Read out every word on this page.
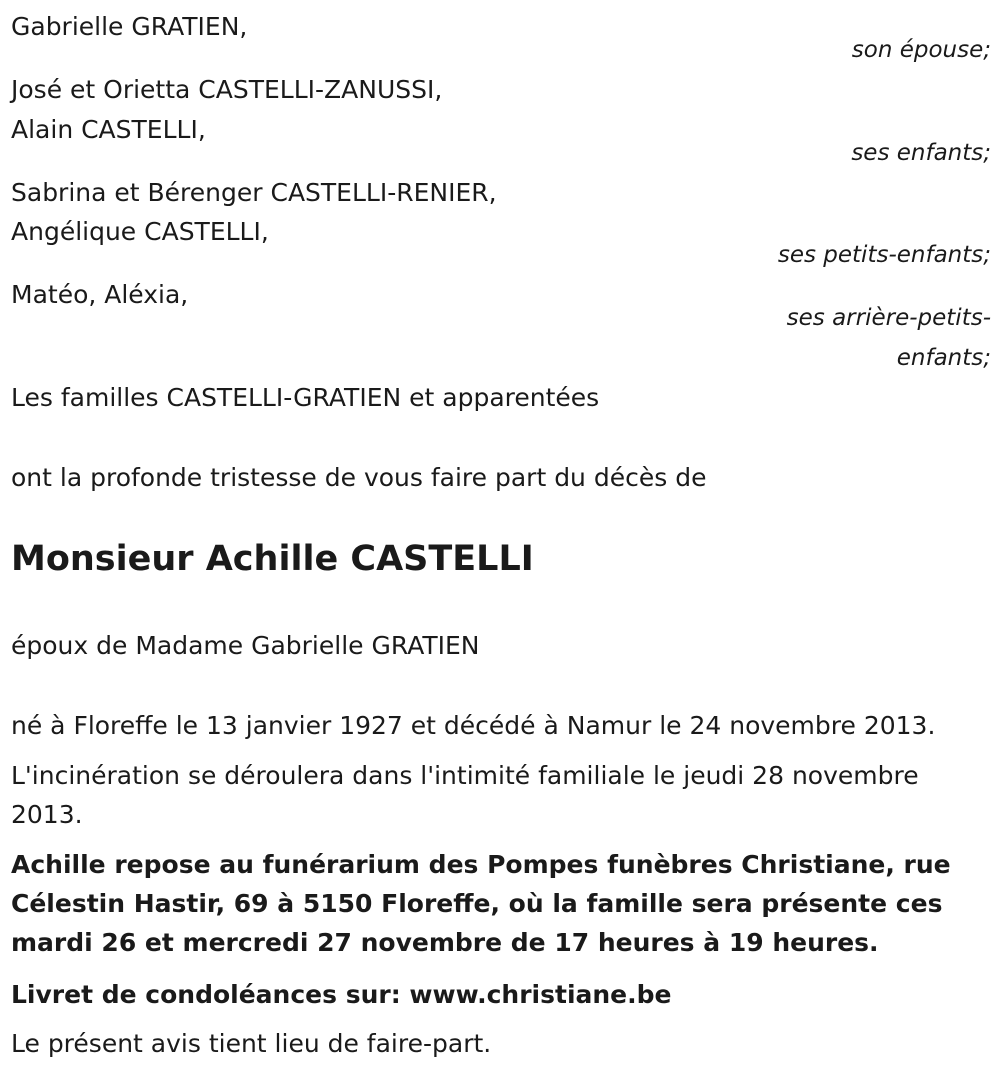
Gabrielle GRATIEN,
son épouse;
José et Orietta CASTELLI-ZANUSSI,
Alain CASTELLI,
ses enfants;
Sabrina et Bérenger CASTELLI-RENIER,
Angélique CASTELLI,
ses petits-enfants;
Matéo, Aléxia,
ses arrière-petits-
enfants;
Les familles CASTELLI-GRATIEN et apparentées
ont la profonde tristesse de vous faire part du décès de
Monsieur Achille CASTELLI
époux de Madame Gabrielle GRATIEN
né à Floreffe le 13 janvier 1927 et décédé à Namur le 24 novembre 2013.
L'incinération se déroulera dans l'intimité familiale le jeudi 28 novembre 2013.
Achille repose au funérarium des Pompes funèbres Christiane, rue Célestin Hastir, 69 à 5150 Floreffe, où la famille sera présente ces mardi 26 et mercredi 27 novembre de 17 heures à 19 heures.
Livret de condoléances sur: www.christiane.be
Le présent avis tient lieu de faire-part.
